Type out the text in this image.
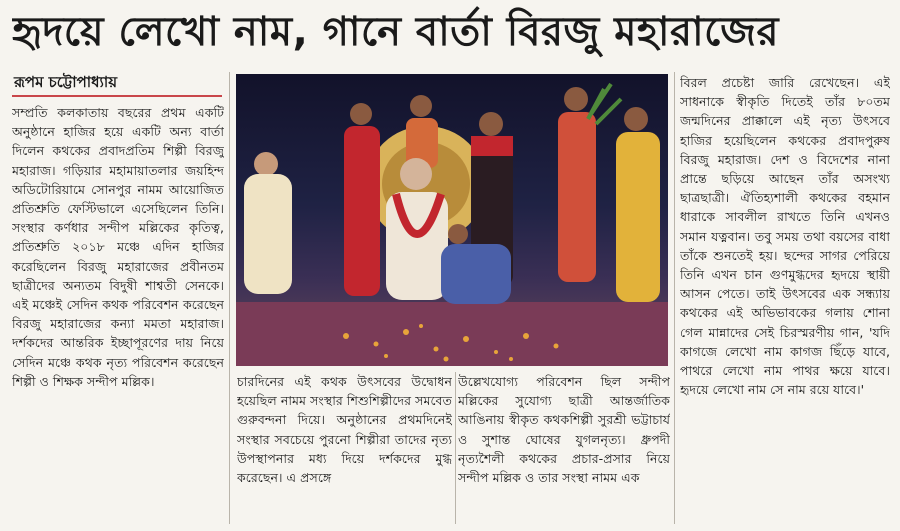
হৃদয়ে লেখো নাম, গানে বার্তা বিরজু মহারাজের
রূপম চট্টোপাধ্যায়

সম্প্রতি কলকাতায় বছরের প্রথম একটি অনুষ্ঠানে হাজির হয়ে একটি অন্য বার্তা দিলেন কথকের প্রবাদপ্রতিম শিল্পী বিরজু মহারাজ। গড়িয়ার মহামায়াতলার জয়হিন্দ অডিটোরিয়ামে সোনপুর নামম আয়োজিত প্রতিশ্রুতি ফেস্টিভালে এসেছিলেন তিনি। সংস্থার কর্ণধার সন্দীপ মল্লিকের কৃতিত্ব, প্রতিশ্রুতি ২০১৮ মঞ্চে এদিন হাজির করেছিলেন বিরজু মহারাজের প্রবীনতম ছাত্রীদের অন্যতম বিদুষী শাশ্বতী সেনকে। এই মঞ্চেই সেদিন কথক পরিবেশন করেছেন বিরজু মহারাজের কন্যা মমতা মহারাজ। দর্শকদের আন্তরিক ইচ্ছাপূরণের দায় নিয়ে সেদিন মঞ্চে কথক নৃত্য পরিবেশন করেছেন শিল্পী ও শিক্ষক সন্দীপ মল্লিক।	চারদিনের এই কথক উৎসবের উদ্বোধন হয়েছিল নামম সংস্থার শিশুশিল্পীদের সমবেত গুরুবন্দনা দিয়ে। অনুষ্ঠানের প্রথমদিনেই সংস্থার সবচেয়ে পুরনো শিল্পীরা তাদের নৃত্য উপস্থাপনার মধ্য দিয়ে দর্শকদের মুগ্ধ করেছেন। এ প্রসঙ্গে

উল্লেখযোগ্য পরিবেশন ছিল সন্দীপ মল্লিকের সুযোগ্য ছাত্রী আন্তর্জাতিক আঙিনায় স্বীকৃত কথকশিল্পী সুরশ্রী ভট্টাচার্য ও সুশান্ত ঘোষের যুগলনৃত্য। ধ্রুপদী নৃত্যশৈলী কথকের প্রচার-প্রসার নিয়ে সন্দীপ মল্লিক ও তার সংস্থা নামম এক

বিরল প্রচেষ্টা জারি রেখেছেন। এই সাধনাকে স্বীকৃতি দিতেই তাঁর ৮০তম জন্মদিনের প্রাক্কালে এই নৃত্য উৎসবে হাজির হয়েছিলেন কথকের প্রবাদপুরুষ বিরজু মহারাজ। দেশ ও বিদেশের নানা প্রান্তে ছড়িয়ে আছেন তাঁর অসংখ্য ছাত্রছাত্রী। ঐতিহ্যশালী কথকের বহমান ধারাকে সাবলীল রাখতে তিনি এখনও সমান যত্নবান। তবু সময় তথা বয়সের বাধা তাঁকে শুনতেই হয়। ছন্দের সাগর পেরিয়ে তিনি এখন চান গুণমুগ্ধদের হৃদয়ে স্থায়ী আসন পেতে। তাই উৎসবের এক সন্ধ্যায় কথকের এই অভিভাবকের গলায় শোনা গেল মান্নাদের সেই চিরস্মরণীয় গান, 'যদি কাগজে লেখো নাম কাগজ ছিঁড়ে যাবে, পাথরে লেখো নাম পাথর ক্ষয়ে যাবে। হৃদয়ে লেখো নাম সে নাম রয়ে যাবে।'
